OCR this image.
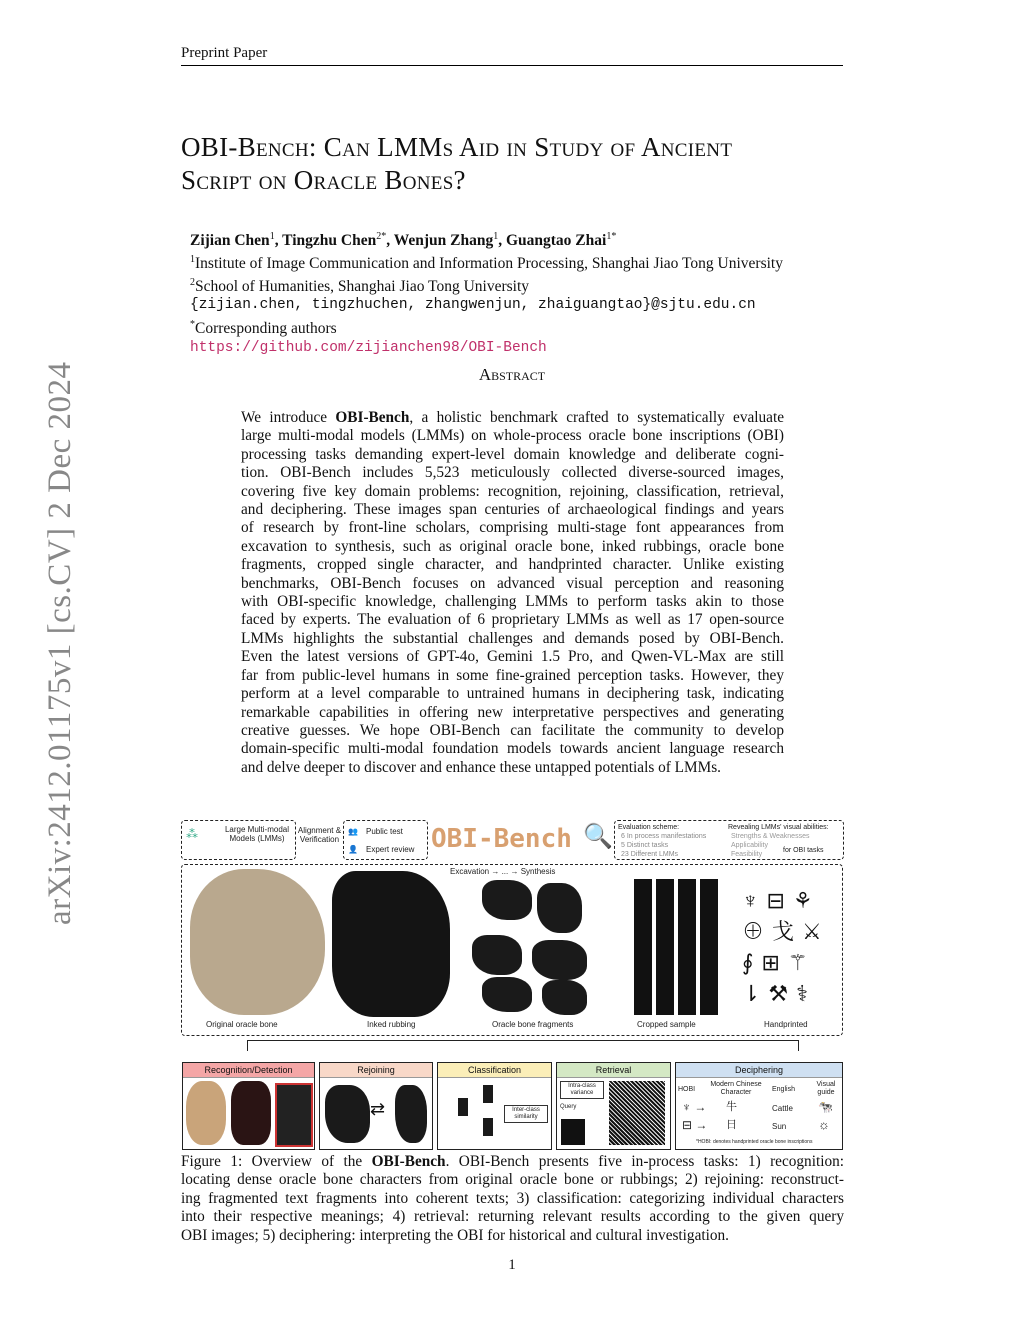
Preprint Paper
OBI-Bench: Can LMMs Aid in Study of Ancient
Script on Oracle Bones?
Zijian Chen$^1$, Tingzhu Chen$^{2*}$, Wenjun Zhang$^1$, Guangtao Zhai$^{1*}$
$^1$Institute of Image Communication and Information Processing, Shanghai Jiao Tong University
$^2$School of Humanities, Shanghai Jiao Tong University
{zijian.chen, tingzhuchen, zhangwenjun, zhaiguangtao}@sjtu.edu.cn
*Corresponding authors
https://github.com/zijianchen98/OBI-Bench
Abstract
We introduce OBI-Bench, a holistic benchmark crafted to systematically evaluate
large multi-modal models (LMMs) on whole-process oracle bone inscriptions (OBI)
processing tasks demanding expert-level domain knowledge and deliberate cogni-
tion. OBI-Bench includes 5,523 meticulously collected diverse-sourced images,
covering five key domain problems: recognition, rejoining, classification, retrieval,
and deciphering. These images span centuries of archaeological findings and years
of research by front-line scholars, comprising multi-stage font appearances from
excavation to synthesis, such as original oracle bone, inked rubbings, oracle bone
fragments, cropped single character, and handprinted character. Unlike existing
benchmarks, OBI-Bench focuses on advanced visual perception and reasoning
with OBI-specific knowledge, challenging LMMs to perform tasks akin to those
faced by experts. The evaluation of 6 proprietary LMMs as well as 17 open-source
LMMs highlights the substantial challenges and demands posed by OBI-Bench.
Even the latest versions of GPT-4o, Gemini 1.5 Pro, and Qwen-VL-Max are still
far from public-level humans in some fine-grained perception tasks. However, they
perform at a level comparable to untrained humans in deciphering task, indicating
remarkable capabilities in offering new interpretative perspectives and generating
creative guesses. We hope OBI-Bench can facilitate the community to develop
domain-specific multi-modal foundation models towards ancient language research
and delve deeper to discover and enhance these untapped potentials of LMMs.
arXiv:2412.01175v1 [cs.CV] 2 Dec 2024	⁂	Large Multi-modal Models (LMMs)
Alignment & Verification
👥 Public test
👤 Expert review OBI-Bench 🔍 Evaluation scheme:
6 In process manifestations
5 Distinct tasks
23 Different LMMs
Revealing LMMs' visual abilities:
Strengths & Weaknesses
Applicability
Feasibility
for OBI tasks
Excavation → ... → Synthesis
♆⊟⚘
⊕戈⚔
∮⊞⚚
⇂⚒⚕
Original oracle bone	Inked rubbing	Oracle bone fragments	Cropped sample	Handprinted
Recognition/Detection	Rejoining
⇄
Classification
Inter-class similarity
Retrieval
Intra-class variance
Query
Deciphering
HOBI
Modern Chinese Character	English
Visual guide
♆ → 牛	Cattle 🐄
⊟ → 日	Sun ☼
*HOBI: denotes handprinted oracle bone inscriptions
Figure 1: Overview of the OBI-Bench. OBI-Bench presents five in-process tasks: 1) recognition:
locating dense oracle bone characters from original oracle bone or rubbings; 2) rejoining: reconstruct-
ing fragmented text fragments into coherent texts; 3) classification: categorizing individual characters
into their respective meanings; 4) retrieval: returning relevant results according to the given query
OBI images; 5) deciphering: interpreting the OBI for historical and cultural investigation.
1
